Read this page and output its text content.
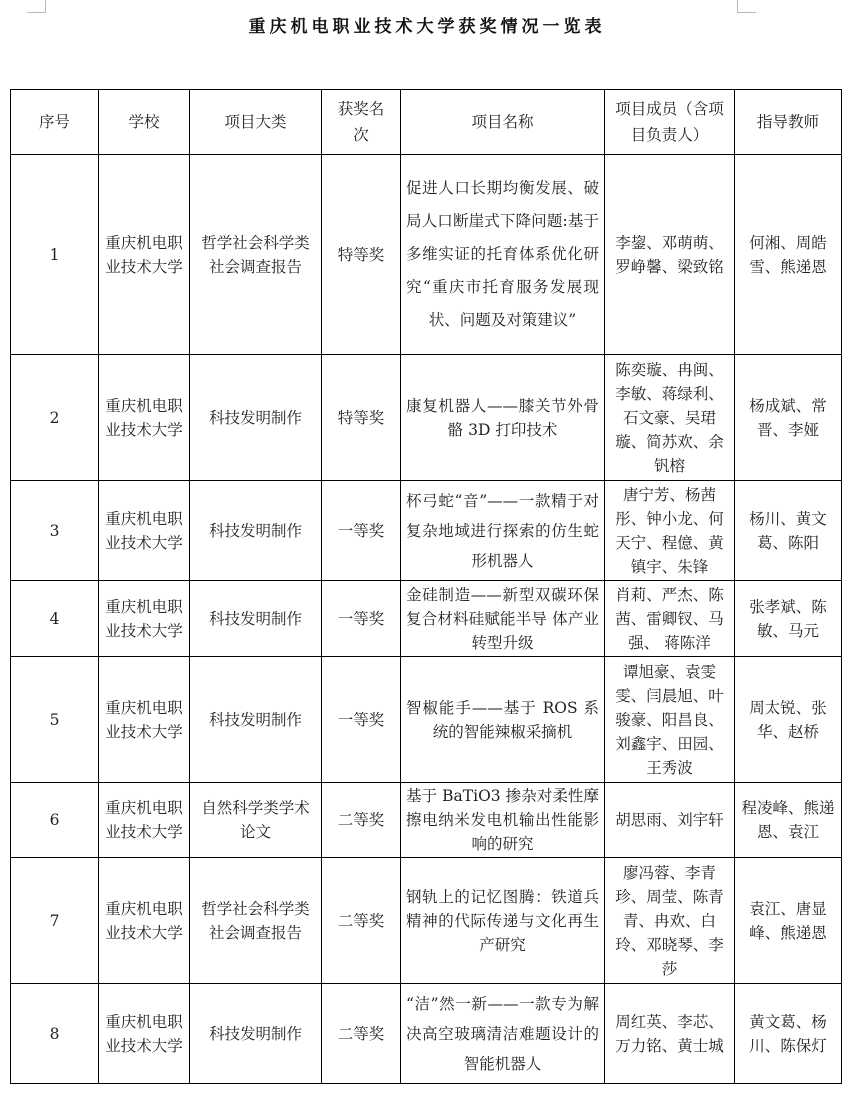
重庆机电职业技术大学获奖情况一览表
序号	学校	项目大类	获奖名次	项目名称	项目成员（含项目负责人）	指导教师
1	重庆机电职业技术大学	哲学社会科学类 社会调查报告	特等奖	促进人口长期均衡发展、破局人口断崖式下降问题:基于多维实证的托育体系优化研究“重庆市托育服务发展现状、问题及对策建议”	李鋆、邓萌萌、罗峥馨、梁致铭	何湘、周皓雪、熊递恩
2	重庆机电职业技术大学	科技发明制作	特等奖	康复机器人——膝关节外骨骼 3D 打印技术	陈奕璇、冉闽、李敏、蒋绿利、石文豪、吴珺璇、简苏欢、余钒榕	杨成斌、常晋、李娅
3	重庆机电职业技术大学	科技发明制作	一等奖	杯弓蛇“音”——一款精于对复杂地域进行探索的仿生蛇形机器人	唐宁芳、杨茜彤、钟小龙、何天宁、程億、黄镇宇、朱锋	杨川、黄文葛、陈阳
4	重庆机电职业技术大学	科技发明制作	一等奖	金硅制造——新型双碳环保复合材料硅赋能半导 体产业转型升级	肖莉、严杰、陈茜、雷卿钗、马强、 蒋陈洋	张孝斌、陈敏、马元
5	重庆机电职业技术大学	科技发明制作	一等奖	智椒能手——基于 ROS 系统的智能辣椒采摘机	谭旭豪、袁雯雯、闫晨旭、叶骏豪、阳昌良、刘鑫宇、田园、王秀波	周太锐、张华、赵桥
6	重庆机电职业技术大学	自然科学类学术论文	二等奖	基于 BaTiO3 掺杂对柔性摩擦电纳米发电机输出性能影响的研究	胡思雨、刘宇轩	程凌峰、熊递恩、袁江
7	重庆机电职业技术大学	哲学社会科学类社会调查报告	二等奖	钢轨上的记忆图腾：铁道兵精神的代际传递与文化再生产研究	廖冯蓉、李青珍、周莹、陈青青、冉欢、白玲、邓晓琴、李莎	袁江、唐显峰、熊递恩
8	重庆机电职业技术大学	科技发明制作	二等奖	“洁”然一新——一款专为解决高空玻璃清洁难题设计的智能机器人	周红英、李芯、万力铭、黄士城	黄文葛、杨川、陈保灯
